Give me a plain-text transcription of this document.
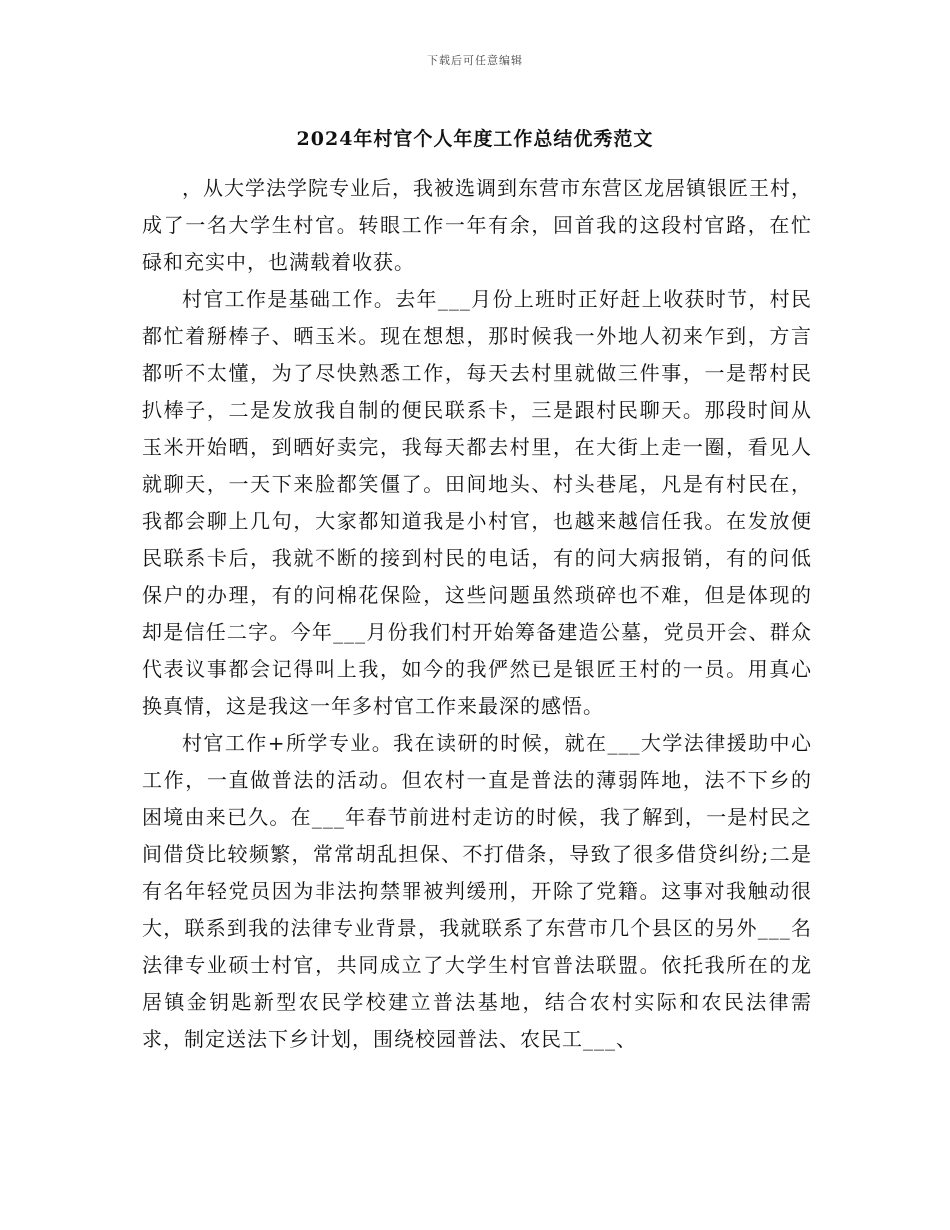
下载后可任意编辑
2024年村官个人年度工作总结优秀范文

，从大学法学院专业后，我被选调到东营市东营区龙居镇银匠王村，成了一名大学生村官。转眼工作一年有余，回首我的这段村官路，在忙碌和充实中，也满载着收获。

村官工作是基础工作。去年___月份上班时正好赶上收获时节，村民都忙着掰棒子、晒玉米。现在想想，那时候我一外地人初来乍到，方言都听不太懂，为了尽快熟悉工作，每天去村里就做三件事，一是帮村民扒棒子，二是发放我自制的便民联系卡，三是跟村民聊天。那段时间从玉米开始晒，到晒好卖完，我每天都去村里，在大街上走一圈，看见人就聊天，一天下来脸都笑僵了。田间地头、村头巷尾，凡是有村民在，我都会聊上几句，大家都知道我是小村官，也越来越信任我。在发放便民联系卡后，我就不断的接到村民的电话，有的问大病报销，有的问低保户的办理，有的问棉花保险，这些问题虽然琐碎也不难，但是体现的却是信任二字。今年___月份我们村开始筹备建造公墓，党员开会、群众代表议事都会记得叫上我，如今的我俨然已是银匠王村的一员。用真心换真情，这是我这一年多村官工作来最深的感悟。

村官工作+所学专业。我在读研的时候，就在___大学法律援助中心工作，一直做普法的活动。但农村一直是普法的薄弱阵地，法不下乡的困境由来已久。在___年春节前进村走访的时候，我了解到，一是村民之间借贷比较频繁，常常胡乱担保、不打借条，导致了很多借贷纠纷;二是有名年轻党员因为非法拘禁罪被判缓刑，开除了党籍。这事对我触动很大，联系到我的法律专业背景，我就联系了东营市几个县区的另外___名法律专业硕士村官，共同成立了大学生村官普法联盟。依托我所在的龙居镇金钥匙新型农民学校建立普法基地，结合农村实际和农民法律需求，制定送法下乡计划，围绕校园普法、农民工___、
